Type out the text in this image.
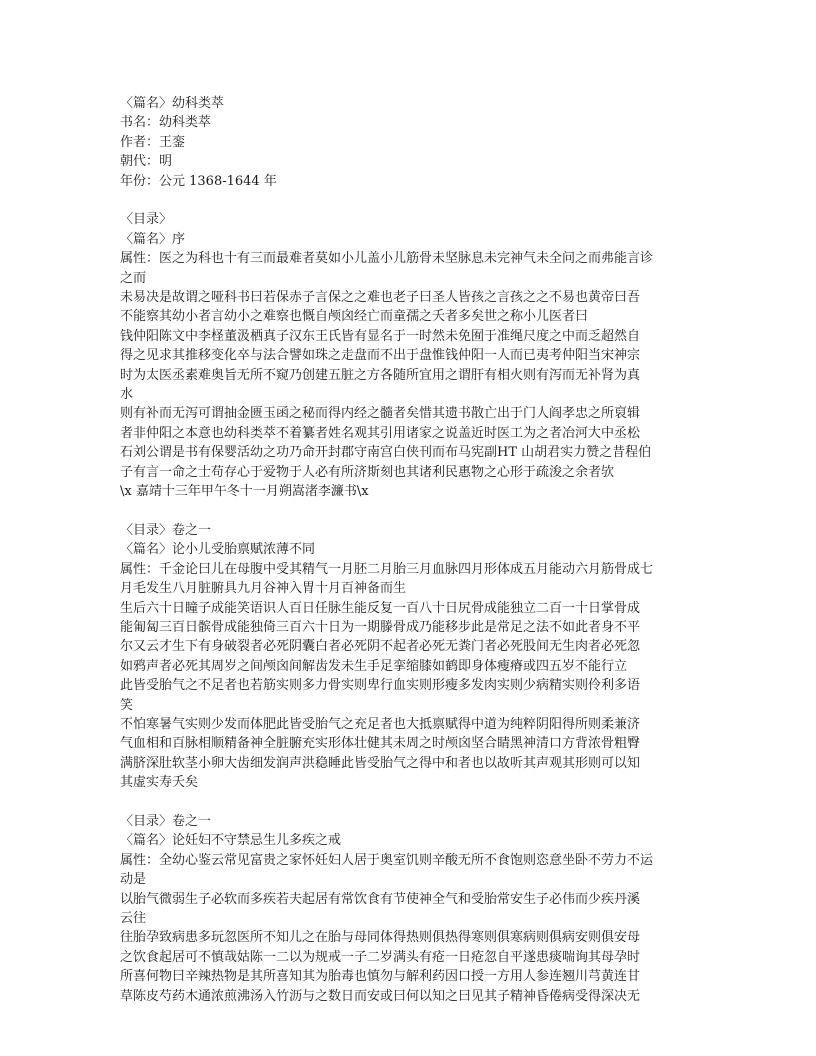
〈篇名〉幼科类萃
书名：幼科类萃
作者：王銮
朝代：明
年份：公元 1368-1644 年
〈目录〉
〈篇名〉序
属性：医之为科也十有三而最难者莫如小儿盖小儿筋骨未坚脉息未完神气未全问之而弗能言诊
之而
未易决是故谓之哑科书曰若保赤子言保之之难也老子曰圣人皆孩之言孩之之不易也黄帝曰吾
不能察其幼小者言幼小之难察也慨自颅囟经亡而童孺之夭者多矣世之称小儿医者曰
钱仲阳陈文中李柽董汲栖真子汉东王氏皆有显名于一时然未免囿于准绳尺度之中而乏超然自
得之见求其推移变化卒与法合譬如珠之走盘而不出于盘惟钱仲阳一人而已夷考仲阳当宋神宗
时为太医丞素难奥旨无所不窥乃创建五脏之方各随所宜用之谓肝有相火则有泻而无补肾为真
水
则有补而无泻可谓抽金匮玉函之秘而得内经之髓者矣惜其遗书散亡出于门人阎孝忠之所裒辑
者非仲阳之本意也幼科类萃不着纂者姓名观其引用诸家之说盖近时医工为之者冶河大中丞松
石刘公谓是书有保婴活幼之功乃命开封郡守南宫白侠刊而布马宪副HT 山胡君实力赞之昔程伯
子有言一命之士苟存心于爱物于人必有所济斯刻也其诸利民惠物之心形于疏浚之余者欤
\x 嘉靖十三年甲午冬十一月朔嵩渚李濂书\x
〈目录〉卷之一
〈篇名〉论小儿受胎禀赋浓薄不同
属性：千金论曰儿在母腹中受其精气一月胚二月胎三月血脉四月形体成五月能动六月筋骨成七
月毛发生八月脏腑具九月谷神入胃十月百神备而生
生后六十日瞳子成能笑语识人百日任脉生能反复一百八十日尻骨成能独立二百一十日掌骨成
能匍匐三百日髌骨成能独倚三百六十日为一期滕骨成乃能移步此是常足之法不如此者身不平
尔又云才生下有身破裂者必死阴囊白者必死阴不起者必死无粪门者必死股间无生肉者必死忽
如鸦声者必死其周岁之间颅囟间解齿发未生手足挛缩膝如鹤即身体瘦瘠或四五岁不能行立
此皆受胎气之不足者也若筋实则多力骨实则卑行血实则形瘦多发肉实则少病精实则伶利多语
笑
不怕寒暑气实则少发而体肥此皆受胎气之充足者也大抵禀赋得中道为纯粹阴阳得所则柔兼济
气血相和百脉相顺精备神全脏腑充实形体壮健其未周之时颅囟坚合睛黑神清口方背浓骨粗臀
满脐深肚软茎小卵大齿细发润声洪稳睡此皆受胎气之得中和者也以故听其声观其形则可以知
其虚实寿夭矣
〈目录〉卷之一
〈篇名〉论妊妇不守禁忌生儿多疾之戒
属性：全幼心鉴云常见富贵之家怀妊妇人居于奥室饥则辛酸无所不食饱则恣意坐卧不劳力不运
动是
以胎气微弱生子必软而多疾若夫起居有常饮食有节使神全气和受胎常安生子必伟而少疾丹溪
云往
往胎孕致病患多玩忽医所不知儿之在胎与母同体得热则俱热得寒则俱寒病则俱病安则俱安母
之饮食起居可不慎哉姑陈一二以为规戒一子二岁满头有疮一日疮忽自平遂患痰喘询其母孕时
所喜何物曰辛辣热物是其所喜知其为胎毒也慎勿与解利药因口授一方用人参连翘川芎黄连甘
草陈皮芍药木通浓煎沸汤入竹沥与之数日而安或曰何以知之曰见其子精神昏倦病受得深决无
